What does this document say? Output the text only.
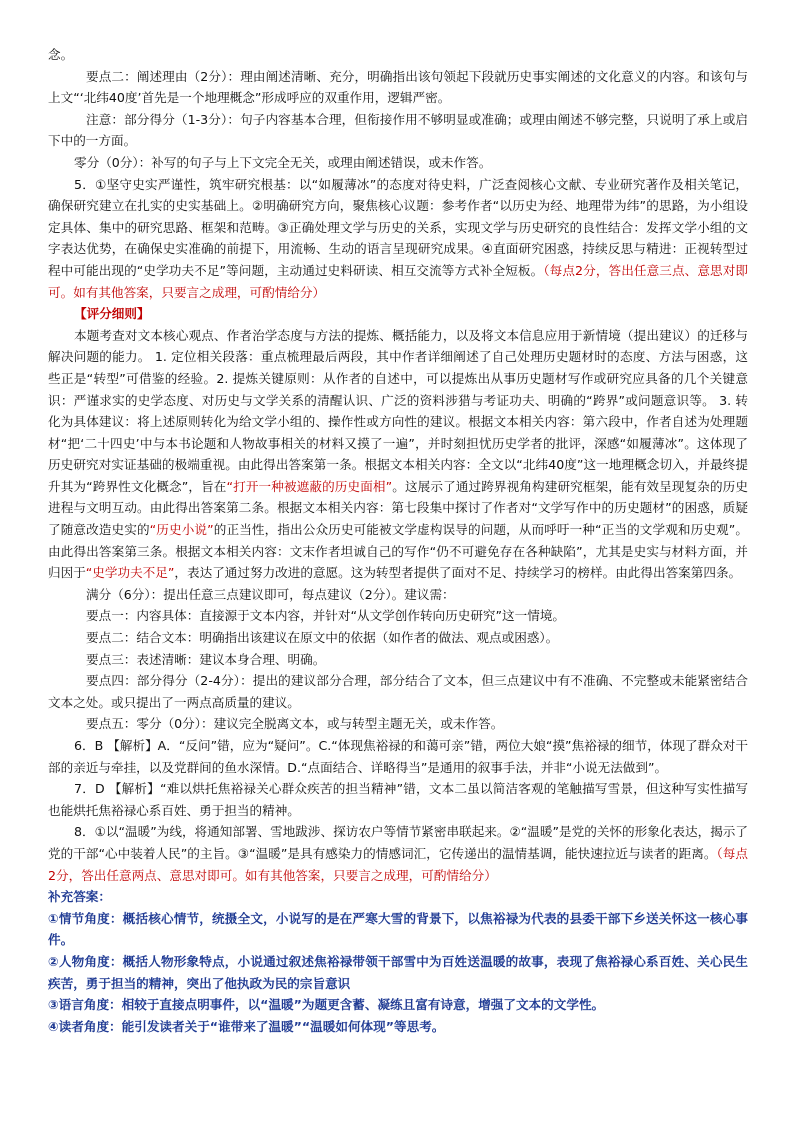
念。

要点二：阐述理由（2分）：理由阐述清晰、充分，明确指出该句领起下段就历史事实阐述的文化意义的内容。和该句与上文“‘北纬40度’首先是一个地理概念”形成呼应的双重作用，逻辑严密。

注意：部分得分（1-3分）：句子内容基本合理，但衔接作用不够明显或准确；或理由阐述不够完整，只说明了承上或启下中的一方面。

零分（0分）：补写的句子与上下文完全无关，或理由阐述错误，或未作答。

5．①坚守史实严谨性，筑牢研究根基：以“如履薄冰”的态度对待史料，广泛查阅核心文献、专业研究著作及相关笔记，确保研究建立在扎实的史实基础上。②明确研究方向，聚焦核心议题：参考作者“以历史为经、地理带为纬”的思路，为小组设定具体、集中的研究思路、框架和范畴。③正确处理文学与历史的关系，实现文学与历史研究的良性结合：发挥文学小组的文字表达优势，在确保史实准确的前提下，用流畅、生动的语言呈现研究成果。④直面研究困惑，持续反思与精进：正视转型过程中可能出现的“史学功夫不足”等问题，主动通过史料研读、相互交流等方式补全短板。（每点2分，答出任意三点、意思对即可。如有其他答案，只要言之成理，可酌情给分）

【评分细则】

本题考查对文本核心观点、作者治学态度与方法的提炼、概括能力，以及将文本信息应用于新情境（提出建议）的迁移与解决问题的能力。 1. 定位相关段落：重点梳理最后两段，其中作者详细阐述了自己处理历史题材时的态度、方法与困惑，这些正是“转型”可借鉴的经验。2. 提炼关键原则：从作者的自述中，可以提炼出从事历史题材写作或研究应具备的几个关键意识：严谨求实的史学态度、对历史与文学关系的清醒认识、广泛的资料涉猎与考证功夫、明确的“跨界”或问题意识等。 3. 转化为具体建议：将上述原则转化为给文学小组的、操作性或方向性的建议。根据文本相关内容：第六段中，作者自述为处理题材“把‘二十四史’中与本书论题和人物故事相关的材料又摸了一遍”，并时刻担忧历史学者的批评，深感“如履薄冰”。这体现了历史研究对实证基础的极端重视。由此得出答案第一条。根据文本相关内容：全文以“北纬40度”这一地理概念切入，并最终提升其为“跨界性文化概念”，旨在“打开一种被遮蔽的历史面相”。这展示了通过跨界视角构建研究框架，能有效呈现复杂的历史进程与文明互动。由此得出答案第二条。根据文本相关内容：第七段集中探讨了作者对“文学写作中的历史题材”的困惑，质疑了随意改造史实的“历史小说”的正当性，指出公众历史可能被文学虚构误导的问题，从而呼吁一种“正当的文学观和历史观”。由此得出答案第三条。根据文本相关内容：文末作者坦诚自己的写作“仍不可避免存在各种缺陷”，尤其是史实与材料方面，并归因于“史学功夫不足”，表达了通过努力改进的意愿。这为转型者提供了面对不足、持续学习的榜样。由此得出答案第四条。

满分（6分）：提出任意三点建议即可，每点建议（2分）。建议需：

要点一：内容具体：直接源于文本内容，并针对“从文学创作转向历史研究”这一情境。

要点二：结合文本：明确指出该建议在原文中的依据（如作者的做法、观点或困惑）。

要点三：表述清晰：建议本身合理、明确。

要点四：部分得分（2-4分）：提出的建议部分合理，部分结合了文本，但三点建议中有不准确、不完整或未能紧密结合文本之处。或只提出了一两点高质量的建议。

要点五：零分（0分）：建议完全脱离文本，或与转型主题无关，或未作答。

6．B 【解析】A．“反问”错，应为“疑问”。C.“体现焦裕禄的和蔼可亲”错，两位大娘“摸”焦裕禄的细节，体现了群众对干部的亲近与牵挂，以及党群间的鱼水深情。D.“点面结合、详略得当”是通用的叙事手法，并非“小说无法做到”。

7．D 【解析】“难以烘托焦裕禄关心群众疾苦的担当精神”错，文本二虽以简洁客观的笔触描写雪景，但这种写实性描写也能烘托焦裕禄心系百姓、勇于担当的精神。

8．①以“温暖”为线，将通知部署、雪地跋涉、探访农户等情节紧密串联起来。②“温暖”是党的关怀的形象化表达，揭示了党的干部“心中装着人民”的主旨。③“温暖”是具有感染力的情感词汇，它传递出的温情基调，能快速拉近与读者的距离。（每点2分，答出任意两点、意思对即可。如有其他答案，只要言之成理，可酌情给分）

补充答案：

①情节角度：概括核心情节，统摄全文，小说写的是在严寒大雪的背景下，以焦裕禄为代表的县委干部下乡送关怀这一核心事件。

②人物角度：概括人物形象特点，小说通过叙述焦裕禄带领干部雪中为百姓送温暖的故事，表现了焦裕禄心系百姓、关心民生疾苦，勇于担当的精神，突出了他执政为民的宗旨意识

③语言角度：相较于直接点明事件，以“温暖”为题更含蓄、凝练且富有诗意，增强了文本的文学性。

④读者角度：能引发读者关于“谁带来了温暖”“温暖如何体现”等思考。
